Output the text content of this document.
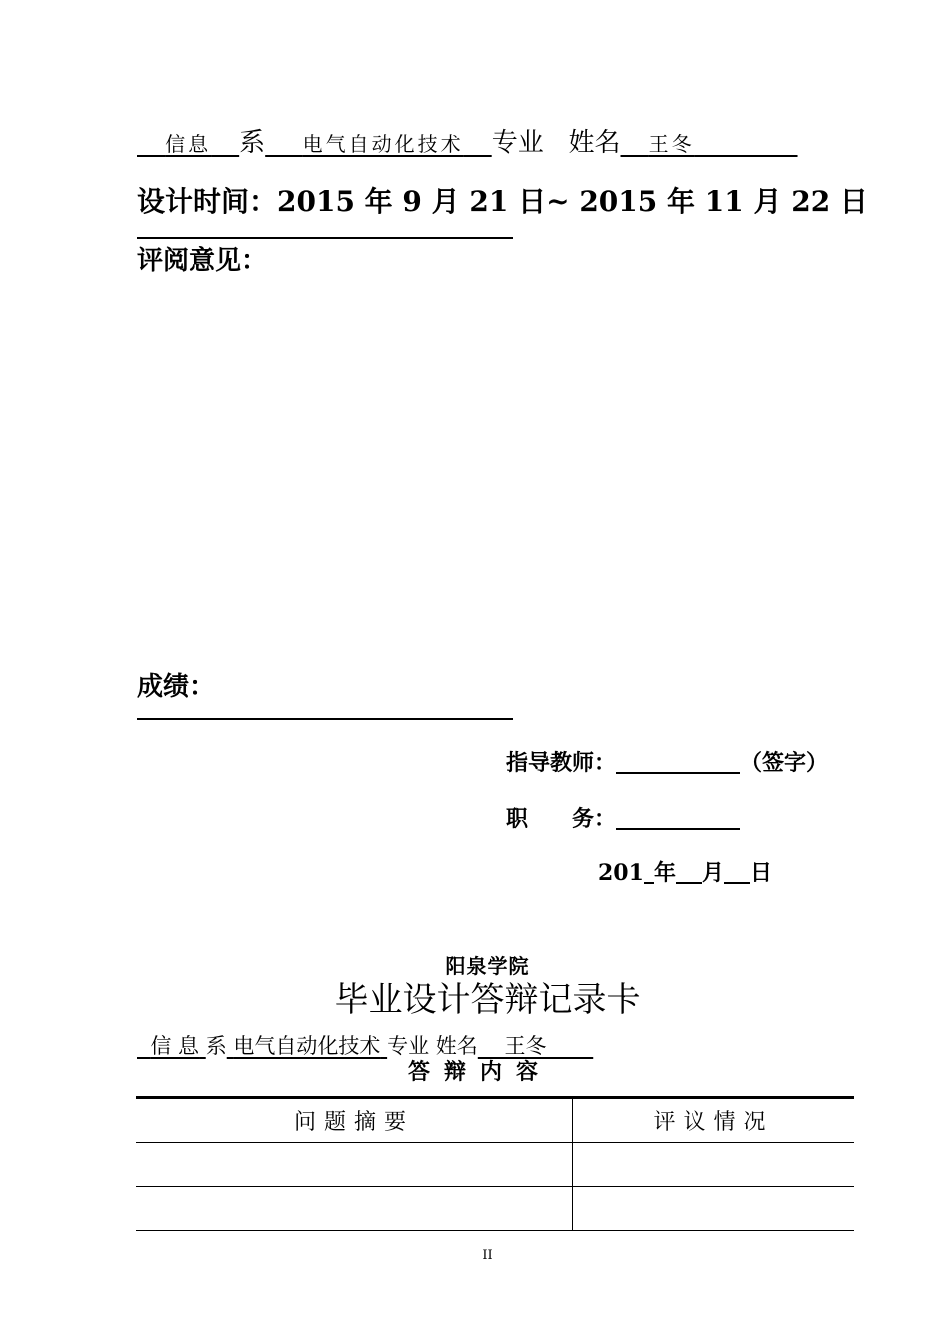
信息 系 电气自动化技术 专业 姓名 王冬
设计时间：2015 年 9 月 21 日~ 2015 年 11 月 22 日
评阅意见：
成绩：
指导教师：	（签字）
职　　务：
201 年 月 日
阳泉学院
毕业设计答辩记录卡
信 息 系 电气自动化技术 专业 姓名 王冬
答辩内容
问题摘要	评议情况

II
